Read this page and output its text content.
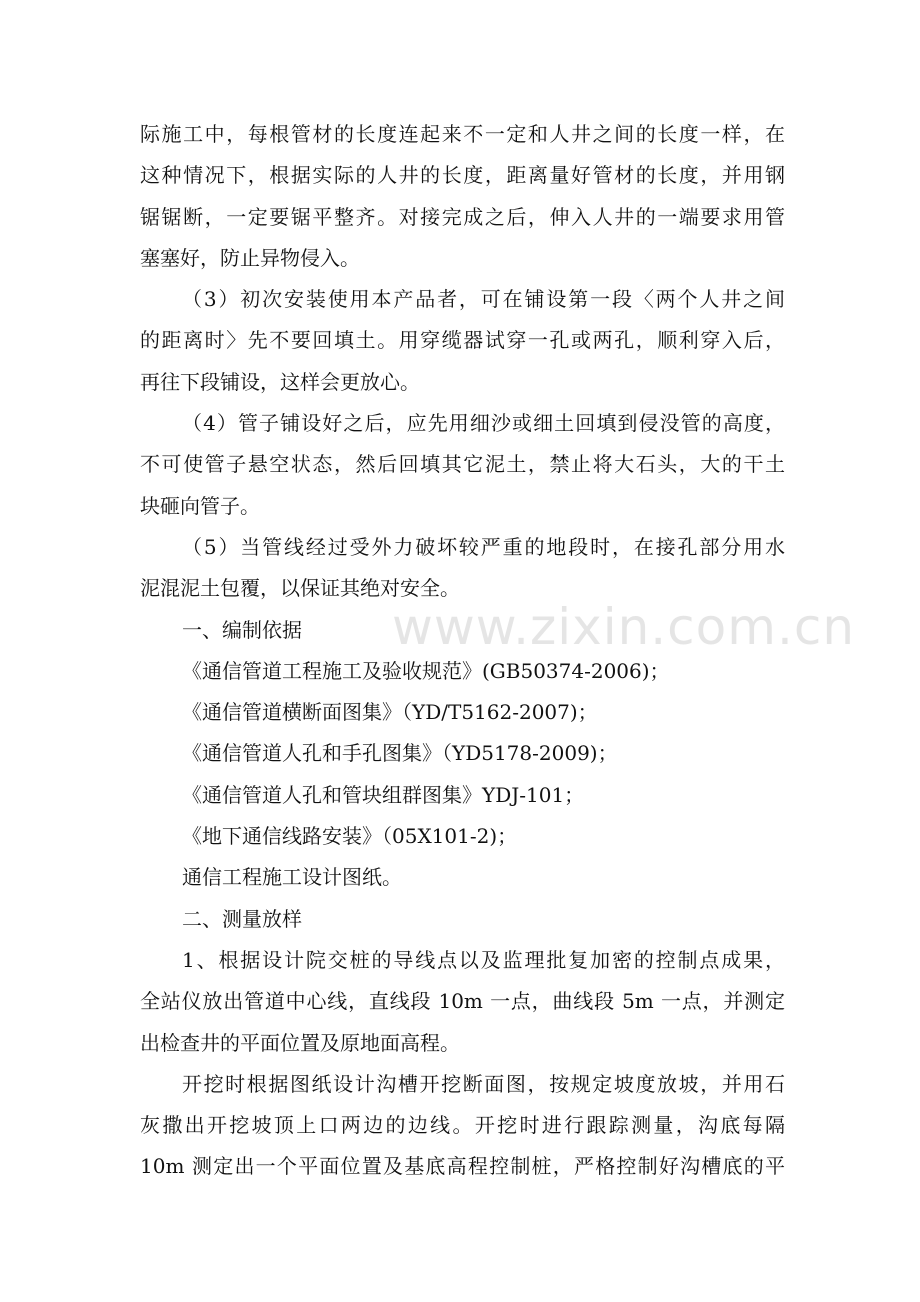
际施工中，每根管材的长度连起来不一定和人井之间的长度一样，在
这种情况下，根据实际的人井的长度，距离量好管材的长度，并用钢
锯锯断，一定要锯平整齐。对接完成之后，伸入人井的一端要求用管
塞塞好，防止异物侵入。
（3）初次安装使用本产品者，可在铺设第一段〈两个人井之间
的距离时〉先不要回填土。用穿缆器试穿一孔或两孔，顺利穿入后，
再往下段铺设，这样会更放心。
（4）管子铺设好之后，应先用细沙或细土回填到侵没管的高度，
不可使管子悬空状态，然后回填其它泥土，禁止将大石头，大的干土
块砸向管子。
（5）当管线经过受外力破坏较严重的地段时，在接孔部分用水
泥混泥土包覆，以保证其绝对安全。
一、编制依据
《通信管道工程施工及验收规范》(GB50374-2006)；
《通信管道横断面图集》（YD/T5162-2007)；
《通信管道人孔和手孔图集》（YD5178-2009)；
《通信管道人孔和管块组群图集》YDJ-101；
《地下通信线路安装》（05X101-2)；
通信工程施工设计图纸。
二、测量放样
1、根据设计院交桩的导线点以及监理批复加密的控制点成果，
全站仪放出管道中心线，直线段 10m 一点，曲线段 5m 一点，并测定
出检查井的平面位置及原地面高程。
开挖时根据图纸设计沟槽开挖断面图，按规定坡度放坡，并用石
灰撒出开挖坡顶上口两边的边线。开挖时进行跟踪测量，沟底每隔
10m 测定出一个平面位置及基底高程控制桩，严格控制好沟槽底的平
www.zixin.com.cn
